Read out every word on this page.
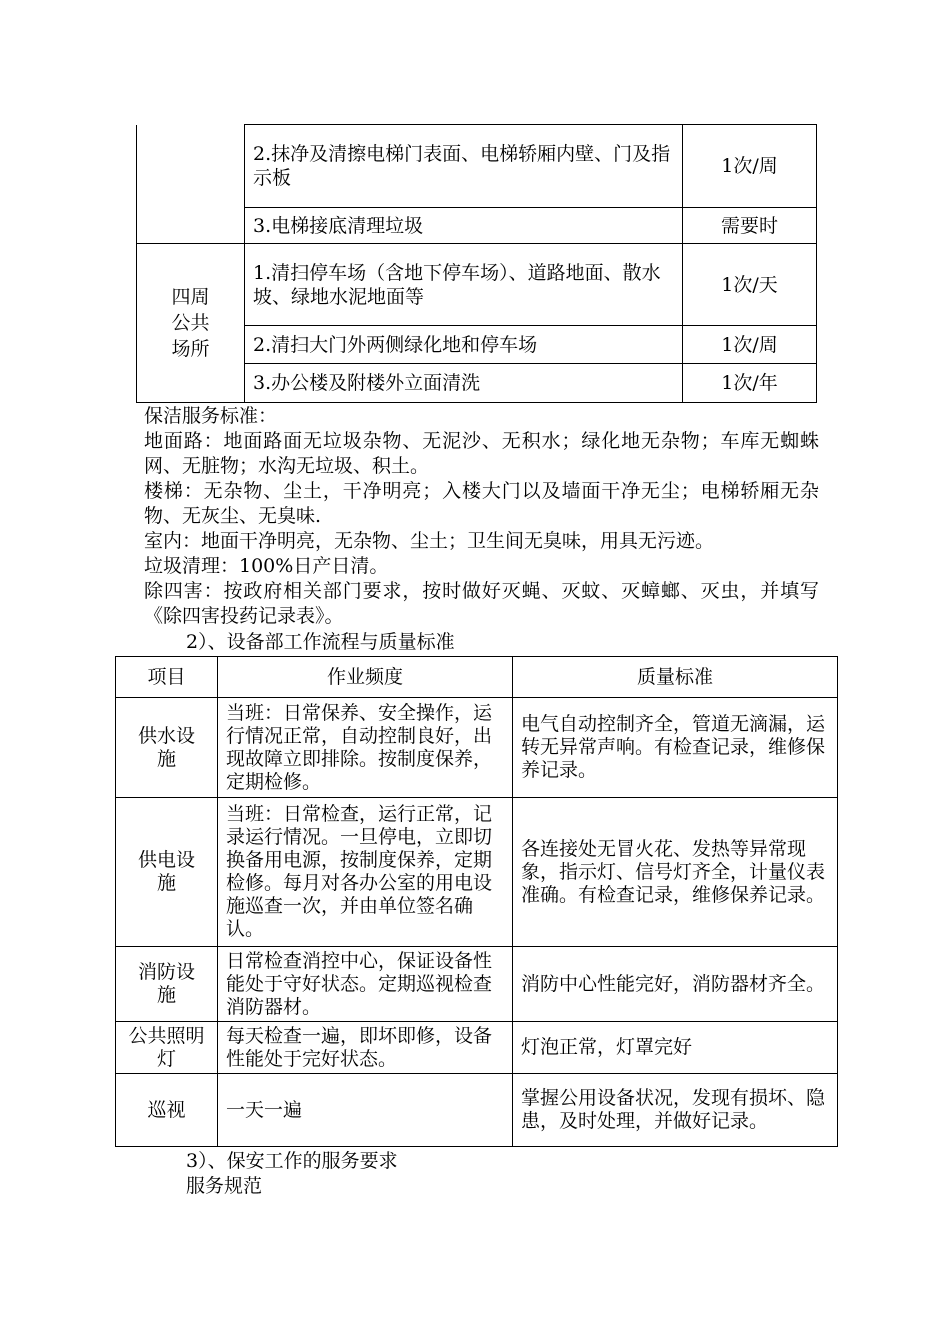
	2.抹净及清擦电梯门表面、电梯轿厢内壁、门及指示板	1次/周
	3.电梯接底清理垃圾	需要时

四周公共场所	1.清扫停车场（含地下停车场）、道路地面、散水坡、绿地水泥地面等	1次/天
	2.清扫大门外两侧绿化地和停车场	1次/周
	3.办公楼及附楼外立面清洗	1次/年

保洁服务标准：

地面路：地面路面无垃圾杂物、无泥沙、无积水；绿化地无杂物；车库无蜘蛛网、无脏物；水沟无垃圾、积土。

楼梯：无杂物、尘土，干净明亮；入楼大门以及墙面干净无尘；电梯轿厢无杂物、无灰尘、无臭味.

室内：地面干净明亮，无杂物、尘土；卫生间无臭味，用具无污迹。

垃圾清理：100%日产日清。

除四害：按政府相关部门要求，按时做好灭蝇、灭蚊、灭蟑螂、灭虫，并填写《除四害投药记录表》。

2）、设备部工作流程与质量标准

项目	作业频度	质量标准

供水设施	当班：日常保养、安全操作，运行情况正常，自动控制良好，出现故障立即排除。按制度保养，定期检修。	电气自动控制齐全，管道无滴漏，运转无异常声响。有检查记录，维修保养记录。

供电设施	当班：日常检查，运行正常，记录运行情况。一旦停电，立即切换备用电源，按制度保养，定期检修。每月对各办公室的用电设施巡查一次，并由单位签名确认。	各连接处无冒火花、发热等异常现象，指示灯、信号灯齐全，计量仪表准确。有检查记录，维修保养记录。

消防设施	日常检查消控中心，保证设备性能处于守好状态。定期巡视检查消防器材。	消防中心性能完好，消防器材齐全。

公共照明灯	每天检查一遍，即坏即修，设备性能处于完好状态。	灯泡正常，灯罩完好
巡视	一天一遍	掌握公用设备状况，发现有损坏、隐患，及时处理，并做好记录。

3）、保安工作的服务要求

服务规范
